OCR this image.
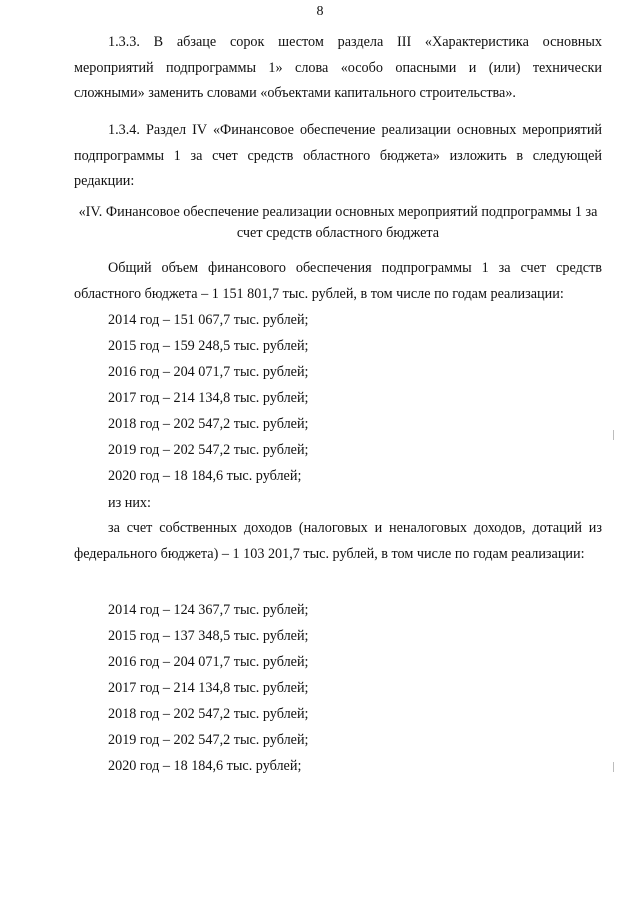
8

1.3.3. В абзаце сорок шестом раздела III «Характеристика основных мероприятий подпрограммы 1» слова «особо опасными и (или) технически сложными» заменить словами «объектами капитального строительства».

1.3.4. Раздел IV «Финансовое обеспечение реализации основных мероприятий подпрограммы 1 за счет средств областного бюджета» изложить в следующей редакции:

«IV. Финансовое обеспечение реализации основных мероприятий подпрограммы 1 за счет средств областного бюджета

Общий объем финансового обеспечения подпрограммы 1 за счет средств областного бюджета – 1 151 801,7 тыс. рублей, в том числе по годам реализации:

2014 год – 151 067,7 тыс. рублей;
2015 год – 159 248,5 тыс. рублей;
2016 год – 204 071,7 тыс. рублей;
2017 год – 214 134,8 тыс. рублей;
2018 год – 202 547,2 тыс. рублей;
2019 год – 202 547,2 тыс. рублей;
2020 год – 18 184,6 тыс. рублей;
из них:

за счет собственных доходов (налоговых и неналоговых доходов, дотаций из федерального бюджета) – 1 103 201,7 тыс. рублей, в том числе по годам реализации:

2014 год – 124 367,7 тыс. рублей;
2015 год – 137 348,5 тыс. рублей;
2016 год – 204 071,7 тыс. рублей;
2017 год – 214 134,8 тыс. рублей;
2018 год – 202 547,2 тыс. рублей;
2019 год – 202 547,2 тыс. рублей;
2020 год – 18 184,6 тыс. рублей;
